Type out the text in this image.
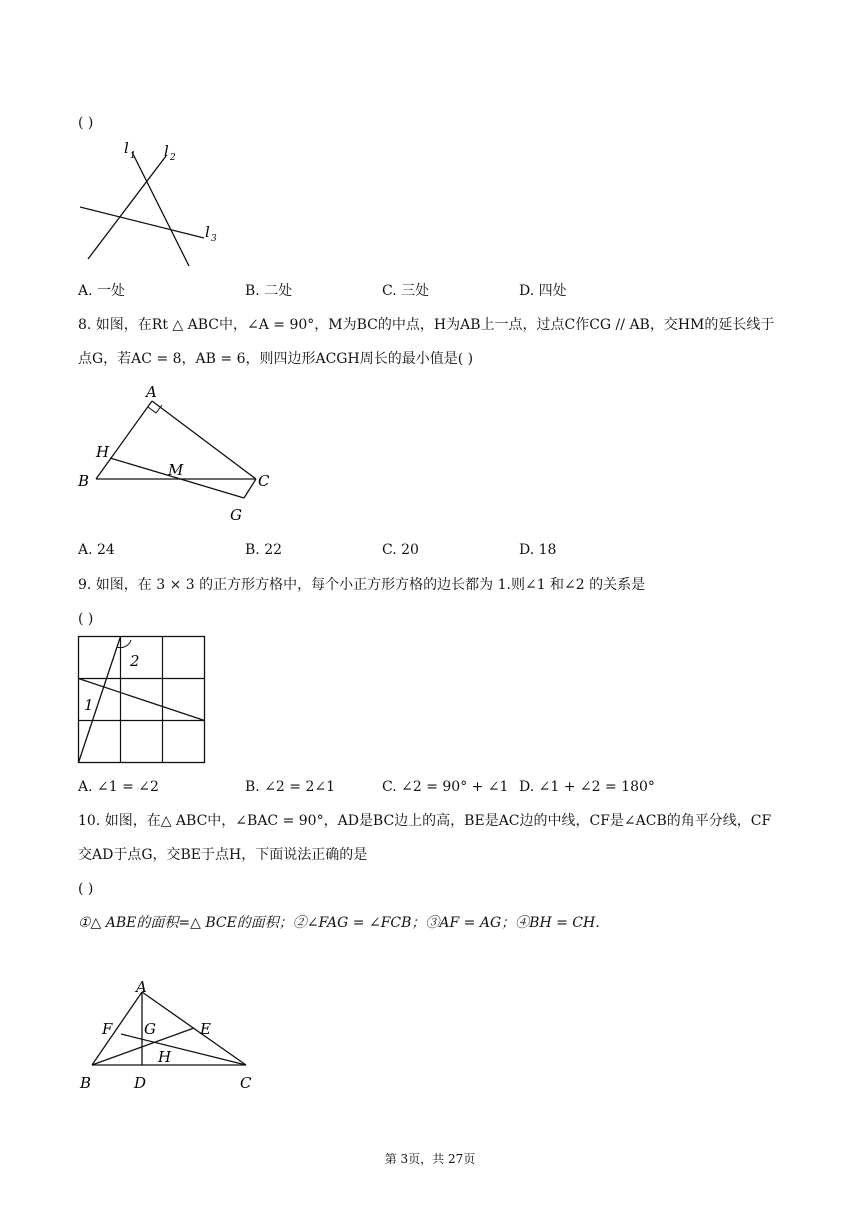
( )
l 1 l 2
l 3
A. 一处	B. 二处	C. 三处	D. 四处
8. 如图，在Rt △ ABC中，∠A = 90°，M为BC的中点，H为AB上一点，过点C作CG // AB，交HM的延长线于
点G，若AC = 8，AB = 6，则四边形ACGH周长的最小值是( )
A
H
B
M
C
G
A. 24	B. 22	C. 20	D. 18
9. 如图，在 3 × 3 的正方形方格中，每个小正方形方格的边长都为 1.则∠1 和∠2 的关系是
( )
2
1
A. ∠1 = ∠2	B. ∠2 = 2∠1	C. ∠2 = 90° + ∠1 D. ∠1 + ∠2 = 180°
10. 如图，在△ ABC中，∠BAC = 90°，AD是BC边上的高，BE是AC边的中线，CF是∠ACB的角平分线，CF
交AD于点G，交BE于点H，下面说法正确的是
( )
①△ ABE的面积=△ BCE的面积；②∠FAG = ∠FCB；③AF = AG；④BH = CH.
A
F G	E
H
B	D	C
第 3页，共 27页
